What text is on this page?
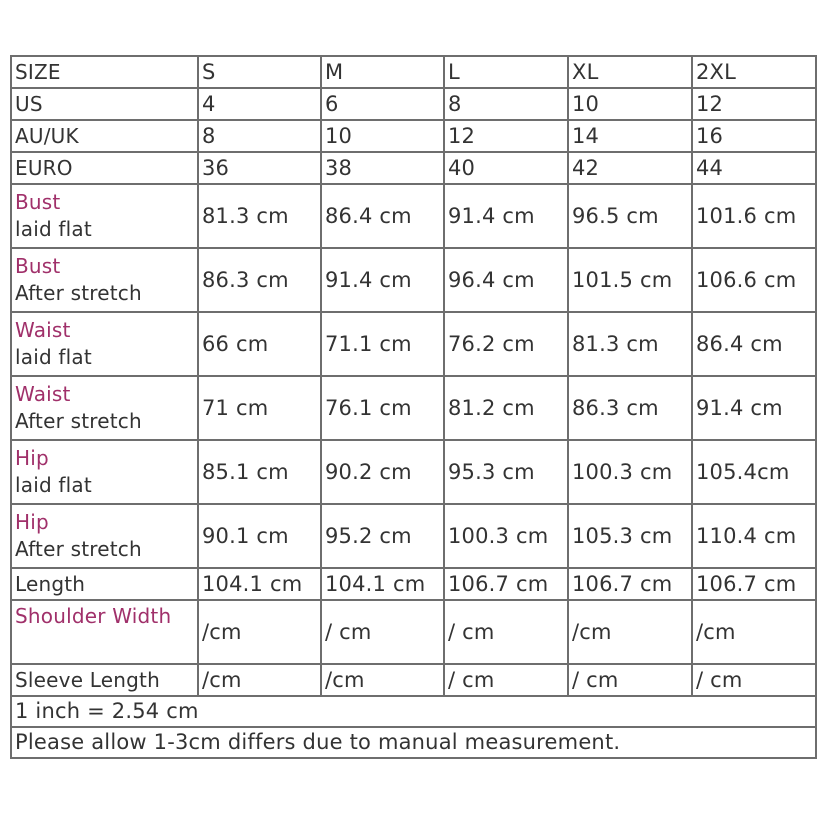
SIZE	S	M	L	XL	2XL
US	4	6	8	10	12
AU/UK	8	10	12	14	16
EURO	36	38	40	42	44

Bust
laid flat	81.3 cm	86.4 cm	91.4 cm	96.5 cm	101.6 cm

Bust
After stretch	86.3 cm	91.4 cm	96.4 cm	101.5 cm	106.6 cm

Waist
laid flat	66 cm	71.1 cm	76.2 cm	81.3 cm	86.4 cm

Waist
After stretch	71 cm	76.1 cm	81.2 cm	86.3 cm	91.4 cm

Hip
laid flat	85.1 cm	90.2 cm	95.3 cm	100.3 cm	105.4cm

Hip
After stretch	90.1 cm	95.2 cm	100.3 cm	105.3 cm	110.4 cm
Length	104.1 cm	104.1 cm	106.7 cm	106.7 cm	106.7 cm

Shoulder Width	/cm	/ cm	/ cm	/cm	/cm
Sleeve Length	/cm	/cm	/ cm	/ cm	/ cm
1 inch = 2.54 cm					
Please allow 1-3cm differs due to manual measurement.					
